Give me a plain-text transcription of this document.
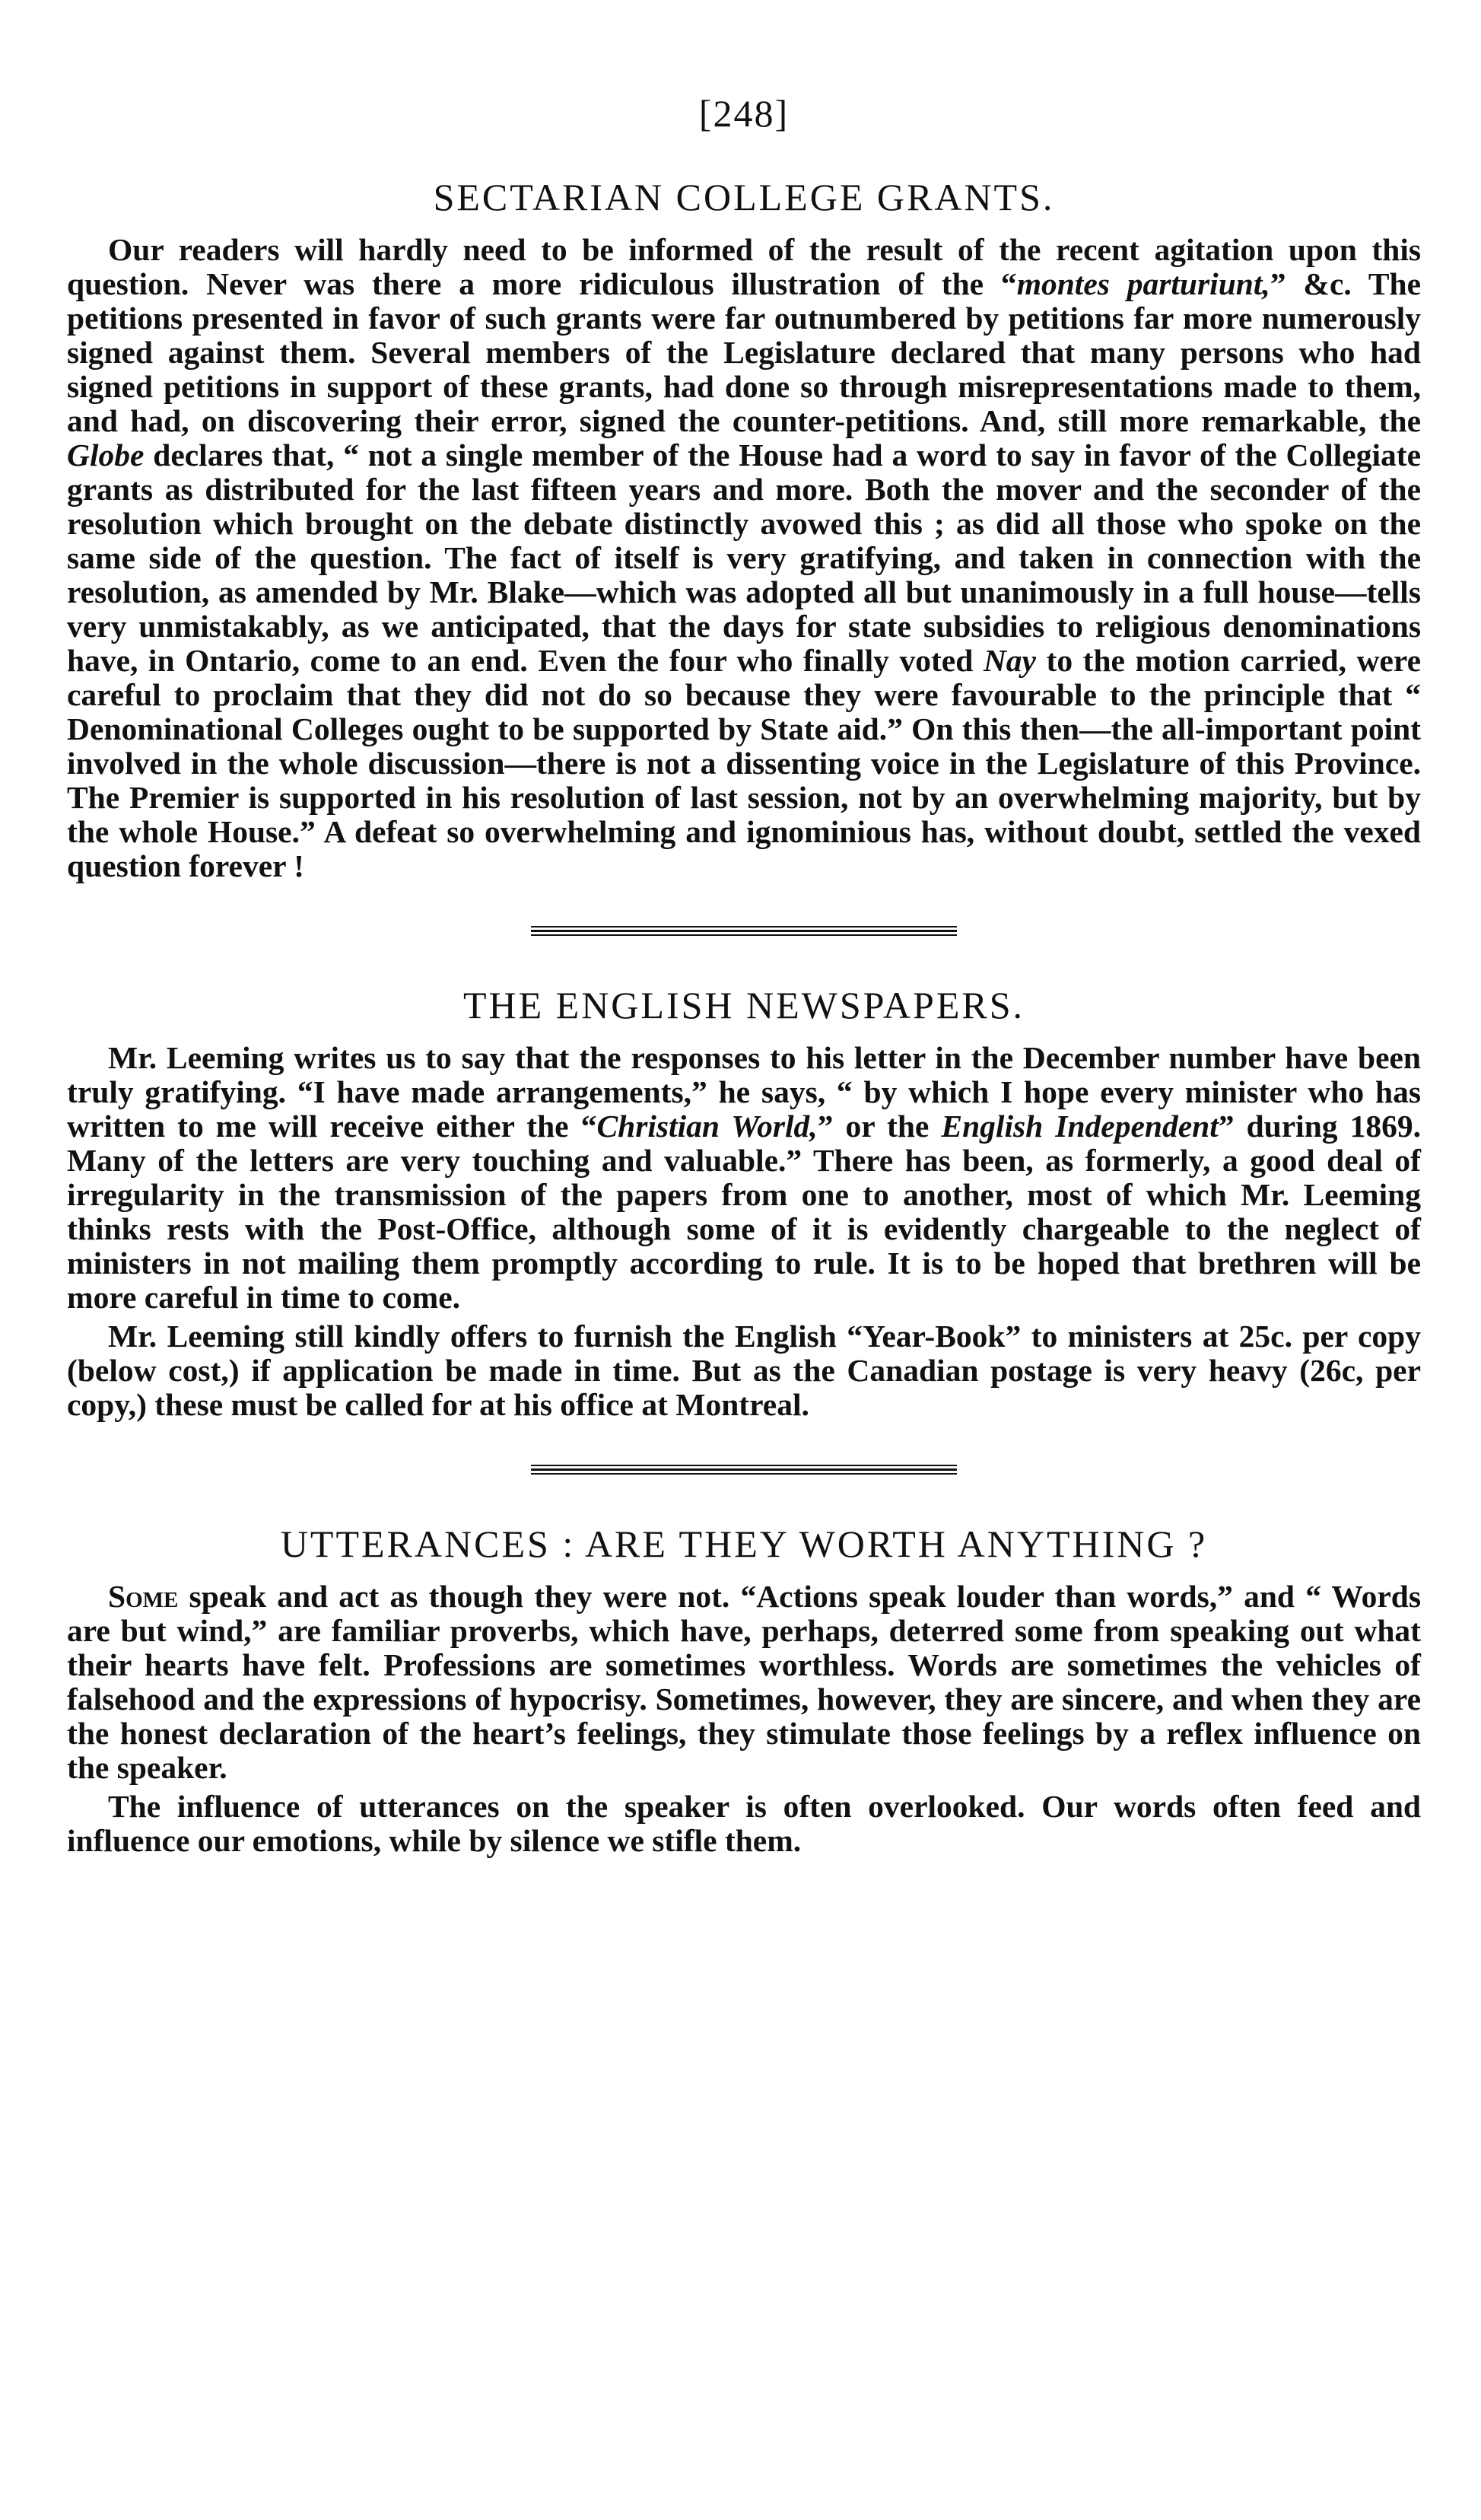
[248]
SECTARIAN COLLEGE GRANTS.

Our readers will hardly need to be informed of the result of the recent agitation upon this question. Never was there a more ridiculous illustration of the “montes parturiunt,” &c. The petitions presented in favor of such grants were far outnumbered by petitions far more numerously signed against them. Several members of the Legislature declared that many persons who had signed petitions in support of these grants, had done so through misrepresentations made to them, and had, on discovering their error, signed the counter-petitions. And, still more remarkable, the Globe declares that, “ not a single member of the House had a word to say in favor of the Collegiate grants as distributed for the last fifteen years and more. Both the mover and the seconder of the resolution which brought on the debate distinctly avowed this ; as did all those who spoke on the same side of the question. The fact of itself is very gratifying, and taken in connection with the resolution, as amended by Mr. Blake—which was adopted all but unanimously in a full house—tells very unmistakably, as we anticipated, that the days for state subsidies to religious denominations have, in Ontario, come to an end. Even the four who finally voted Nay to the motion carried, were careful to proclaim that they did not do so because they were favourable to the principle that “ Denominational Colleges ought to be supported by State aid.” On this then—the all-important point involved in the whole discussion—there is not a dissenting voice in the Legislature of this Province. The Premier is supported in his resolution of last session, not by an overwhelming majority, but by the whole House.” A defeat so overwhelming and ignominious has, without doubt, settled the vexed question forever !

THE ENGLISH NEWSPAPERS.

Mr. Leeming writes us to say that the responses to his letter in the December number have been truly gratifying. “I have made arrangements,” he says, “ by which I hope every minister who has written to me will receive either the “Christian World,” or the English Independent” during 1869. Many of the letters are very touching and valuable.” There has been, as formerly, a good deal of irregularity in the transmission of the papers from one to another, most of which Mr. Leeming thinks rests with the Post-Office, although some of it is evidently chargeable to the neglect of ministers in not mailing them promptly according to rule. It is to be hoped that brethren will be more careful in time to come.

Mr. Leeming still kindly offers to furnish the English “Year-Book” to ministers at 25c. per copy (below cost,) if application be made in time. But as the Canadian postage is very heavy (26c, per copy,) these must be called for at his office at Montreal.

UTTERANCES : ARE THEY WORTH ANYTHING ?

Some speak and act as though they were not. “Actions speak louder than words,” and “ Words are but wind,” are familiar proverbs, which have, perhaps, deterred some from speaking out what their hearts have felt. Professions are sometimes worthless. Words are sometimes the vehicles of falsehood and the expressions of hypocrisy. Sometimes, however, they are sincere, and when they are the honest declaration of the heart’s feelings, they stimulate those feelings by a reflex influence on the speaker.

The influence of utterances on the speaker is often overlooked. Our words often feed and influence our emotions, while by silence we stifle them.
